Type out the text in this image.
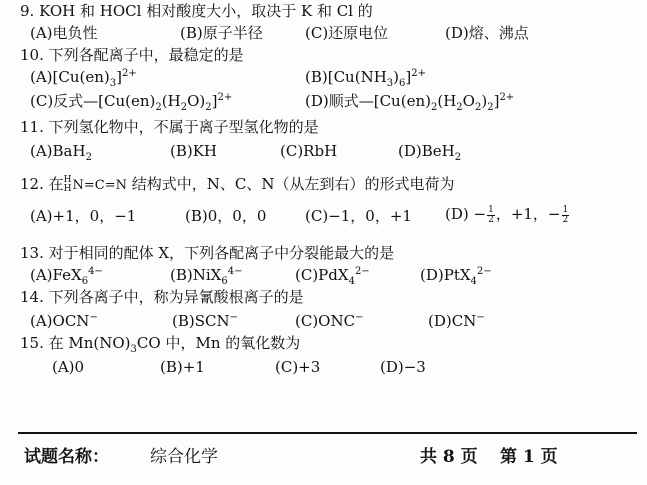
9. KOH 和 HOCl 相对酸度大小，取决于 K 和 Cl 的
(A)电负性	(B)原子半径	(C)还原电位	(D)熔、沸点
10. 下列各配离子中，最稳定的是
$(A)[Cu(en)_3]^{2+}$	$(B)[Cu(NH_3)_6]^{2+}$
(C)反式$—[Cu(en)_2(H_2O)_2]^{2+}$	(D)顺式$—[Cu(en)_2(H_2O_2)_2]^{2+}$
11. 下列氢化物中，不属于离子型氢化物的是
(A)BaH$_2$	(B)KH	(C)RbH	(D)BeH$_2$
12. 在 H
H N=C=N 结构式中，N、C、N（从左到右）的形式电荷为
(A)+1，0，−1	(B)0，0，0	(C)−1，0，+1 $(D) - \frac{1}{2}$ ，+1，− $\frac{1}{2}$
13. 对于相同的配体 X，下列各配离子中分裂能最大的是
(A)FeX$_6^{4-}$	(B)NiX$_6^{4-}$	(C)PdX$_4^{2-}$	(D)PtX$_4^{2-}$
14. 下列各离子中，称为异氰酸根离子的是
(A)OCN−	(B)SCN−	(C)ONC−	(D)CN−
15. 在 $Mn(NO)_3CO$ 中，Mn 的氧化数为
(A)0	(B)+1	(C)+3	(D)−3
试题名称： 综合化学	共 8 页 第 1 页
